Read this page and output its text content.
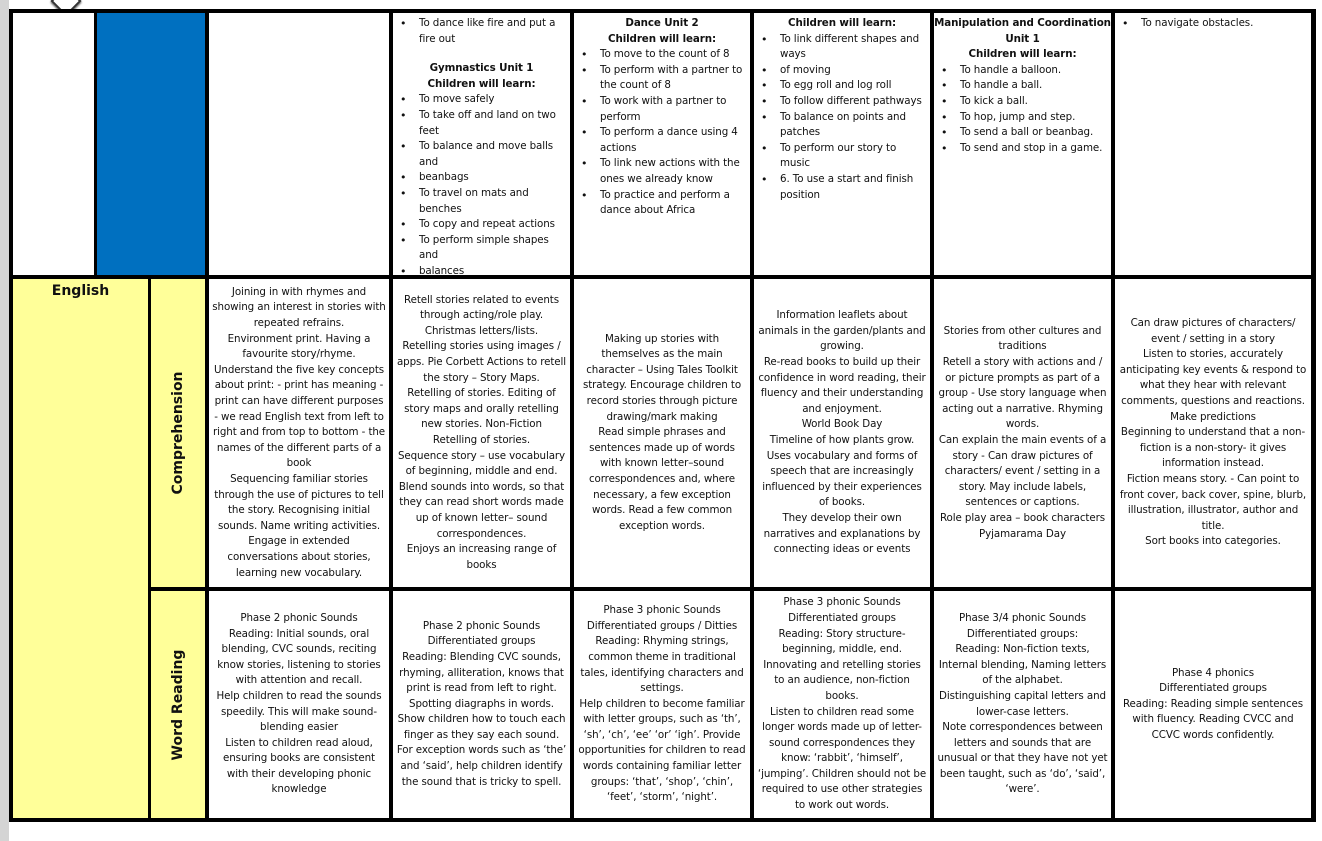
• To dance like fire and put a fire out

Gymnastics Unit 1

Children will learn:

• To move safely
• To take off and land on two feet
• To balance and move balls and
• beanbags
• To travel on mats and benches
• To copy and repeat actions
• To perform simple shapes and
• balances

Dance Unit 2

Children will learn:

• To move to the count of 8
• To perform with a partner to the count of 8
• To work with a partner to perform
• To perform a dance using 4 actions
• To link new actions with the ones we already know
• To practice and perform a dance about Africa

Children will learn:

• To link different shapes and ways
• of moving
• To egg roll and log roll
• To follow different pathways
• To balance on points and patches
• To perform our story to music
• 6. To use a start and finish position

Manipulation and Coordination Unit 1

Children will learn:

• To handle a balloon.
• To handle a ball.
• To kick a ball.
• To hop, jump and step.
• To send a ball or beanbag.
• To send and stop in a game.
• To navigate obstacles.
English
Comprehension

Joining in with rhymes and showing an interest in stories with repeated refrains.

Environment print. Having a favourite story/rhyme.

Understand the five key concepts about print: - print has meaning - print can have different purposes - we read English text from left to right and from top to bottom - the names of the different parts of a book

Sequencing familiar stories through the use of pictures to tell the story. Recognising initial sounds. Name writing activities.

Engage in extended conversations about stories, learning new vocabulary.

Retell stories related to events through acting/role play.

Christmas letters/lists.

Retelling stories using images / apps. Pie Corbett Actions to retell the story – Story Maps.

Retelling of stories. Editing of story maps and orally retelling new stories. Non-Fiction

Retelling of stories.

Sequence story – use vocabulary of beginning, middle and end.

Blend sounds into words, so that they can read short words made up of known letter– sound correspondences.

Enjoys an increasing range of books

Making up stories with themselves as the main character – Using Tales Toolkit strategy. Encourage children to record stories through picture drawing/mark making

Read simple phrases and sentences made up of words with known letter–sound correspondences and, where necessary, a few exception words. Read a few common exception words.

Information leaflets about animals in the garden/plants and growing.

Re-read books to build up their confidence in word reading, their fluency and their understanding and enjoyment.

World Book Day

Timeline of how plants grow.

Uses vocabulary and forms of speech that are increasingly influenced by their experiences of books.

They develop their own narratives and explanations by connecting ideas or events

Stories from other cultures and traditions

Retell a story with actions and / or picture prompts as part of a group - Use story language when acting out a narrative. Rhyming words.

Can explain the main events of a story - Can draw pictures of characters/ event / setting in a story. May include labels, sentences or captions.

Role play area – book characters

Pyjamarama Day

Can draw pictures of characters/ event / setting in a story

Listen to stories, accurately anticipating key events & respond to what they hear with relevant comments, questions and reactions.

Make predictions

Beginning to understand that a non-fiction is a non-story- it gives information instead.

Fiction means story. - Can point to front cover, back cover, spine, blurb, illustration, illustrator, author and title.

Sort books into categories.

Word Reading

Phase 2 phonic Sounds

Reading: Initial sounds, oral blending, CVC sounds, reciting know stories, listening to stories with attention and recall.

Help children to read the sounds speedily. This will make sound-blending easier

Listen to children read aloud, ensuring books are consistent with their developing phonic knowledge

Phase 2 phonic Sounds

Differentiated groups

Reading: Blending CVC sounds, rhyming, alliteration, knows that print is read from left to right.

Spotting diagraphs in words.

Show children how to touch each finger as they say each sound. For exception words such as ‘the’ and ‘said’, help children identify the sound that is tricky to spell.

Phase 3 phonic Sounds

Differentiated groups / Ditties

Reading: Rhyming strings, common theme in traditional tales, identifying characters and settings.

Help children to become familiar with letter groups, such as ‘th’, ‘sh’, ‘ch’, ‘ee’ ‘or’ ‘igh’. Provide opportunities for children to read words containing familiar letter groups: ‘that’, ‘shop’, ‘chin’, ‘feet’, ‘storm’, ‘night’.

Phase 3 phonic Sounds

Differentiated groups

Reading: Story structure-beginning, middle, end.

Innovating and retelling stories to an audience, non-fiction books.

Listen to children read some longer words made up of letter-sound correspondences they know: ‘rabbit’, ‘himself’, ‘jumping’. Children should not be required to use other strategies to work out words.

Phase 3/4 phonic Sounds

Differentiated groups:

Reading: Non-fiction texts, Internal blending, Naming letters of the alphabet.

Distinguishing capital letters and lower-case letters.

Note correspondences between letters and sounds that are unusual or that they have not yet been taught, such as ‘do’, ‘said’, ‘were’.

Phase 4 phonics

Differentiated groups

Reading: Reading simple sentences with fluency. Reading CVCC and CCVC words confidently.
